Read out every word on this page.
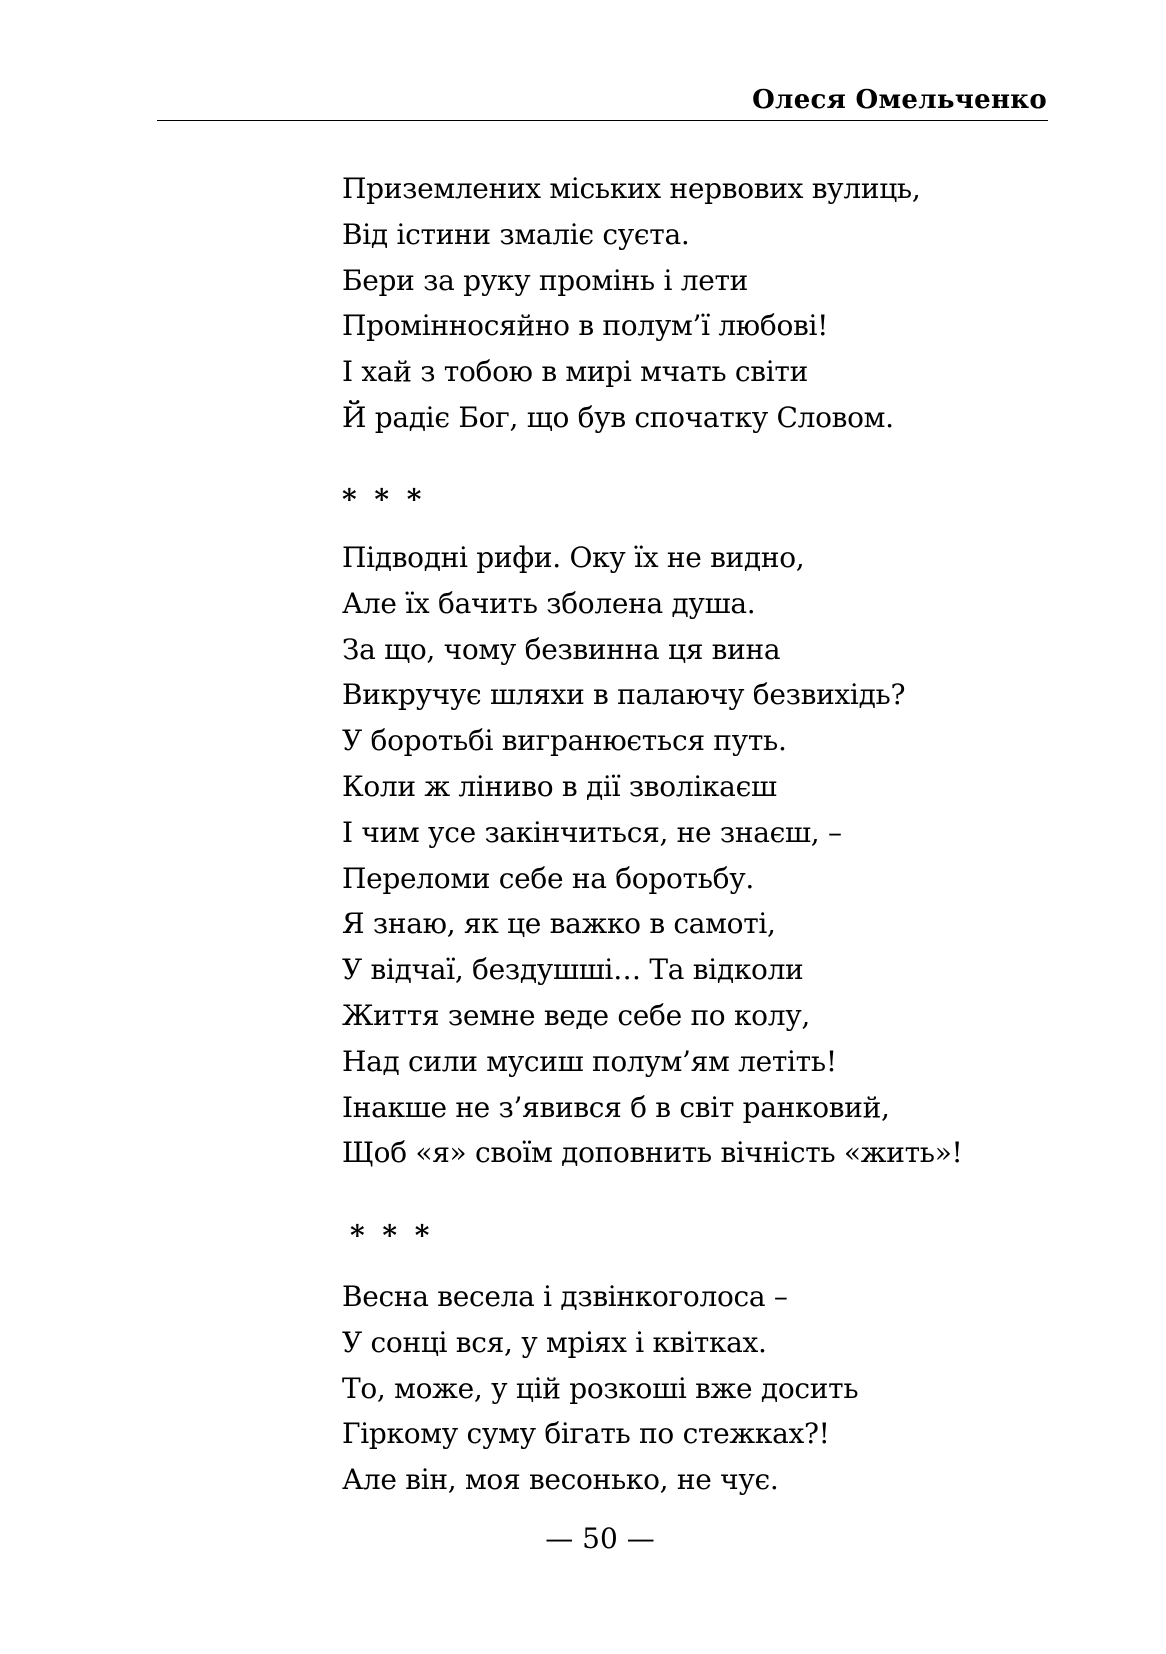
Олеся Омельченко
Приземлених міських нервових вулиць,
Від істини змаліє суєта.
Бери за руку промінь і лети
Промінносяйно в полум’ї любові!
І хай з тобою в мирі мчать світи
Й радіє Бог, що був спочатку Словом.
* * *
Підводні рифи. Оку їх не видно,
Але їх бачить зболена душа.
За що, чому безвинна ця вина
Викручує шляхи в палаючу безвихідь?
У боротьбі вигранюється путь.
Коли ж ліниво в дії зволікаєш
І чим усе закінчиться, не знаєш, –
Переломи себе на боротьбу.
Я знаю, як це важко в самоті,
У відчаї, бездушші… Та відколи
Життя земне веде себе по колу,
Над сили мусиш полум’ям летіть!
Інакше не з’явився б в світ ранковий,
Щоб «я» своїм доповнить вічність «жить»!
* * *
Весна весела і дзвінкоголоса –
У сонці вся, у мріях і квітках.
То, може, у цій розкоші вже досить
Гіркому суму бігать по стежках?!
Але він, моя весонько, не чує.
— 50 —
